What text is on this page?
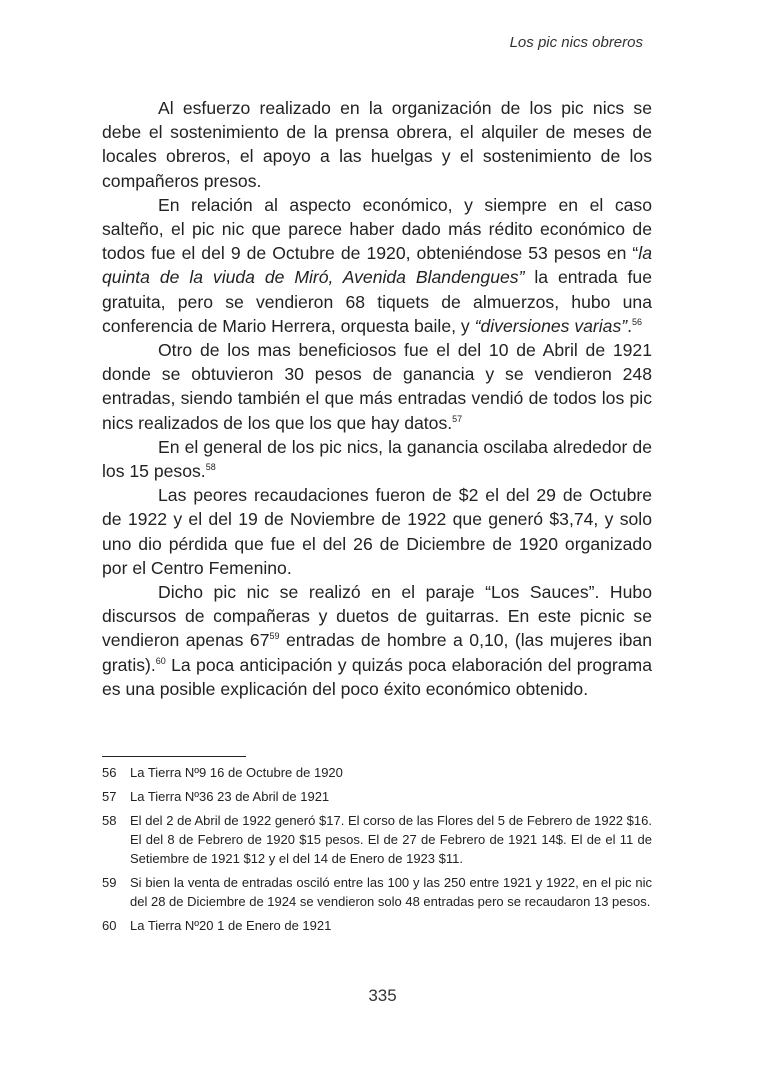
Los pic nics obreros

Al esfuerzo realizado en la organización de los pic nics se debe el sostenimiento de la prensa obrera, el alquiler de meses de locales obreros, el apoyo a las huelgas y el sostenimiento de los compañeros presos.

En relación al aspecto económico, y siempre en el caso salteño, el pic nic que parece haber dado más rédito económico de todos fue el del 9 de Octubre de 1920, obteniéndose 53 pesos en “la quinta de la viuda de Miró, Avenida Blandengues” la entrada fue gratuita, pero se vendieron 68 tiquets de almuerzos, hubo una conferencia de Mario Herrera, orquesta baile, y “diversiones varias”.$^{56}$

Otro de los mas beneficiosos fue el del 10 de Abril de 1921 donde se obtuvieron 30 pesos de ganancia y se vendieron 248 entradas, siendo también el que más entradas vendió de todos los pic nics realizados de los que los que hay datos.$^{57}$

En el general de los pic nics, la ganancia oscilaba alrededor de los 15 pesos.$^{58}$

Las peores recaudaciones fueron de $2 el del 29 de Octubre de 1922 y el del 19 de Noviembre de 1922 que generó $3,74, y solo uno dio pérdida que fue el del 26 de Diciembre de 1920 organizado por el Centro Femenino.

Dicho pic nic se realizó en el paraje “Los Sauces”. Hubo discursos de compañeras y duetos de guitarras. En este picnic se vendieron apenas $67^{59}$ entradas de hombre a 0,10, (las mujeres iban gratis).$^{60}$ La poca anticipación y quizás poca elaboración del programa es una posible explicación del poco éxito económico obtenido.

56	La Tierra Nº9 16 de Octubre de 1920
57	La Tierra Nº36 23 de Abril de 1921
58	El del 2 de Abril de 1922 generó $17. El corso de las Flores del 5 de Febrero de 1922 $16. El del 8 de Febrero de 1920 $15 pesos. El de 27 de Febrero de 1921 14$. El de el 11 de Setiembre de 1921 $12 y el del 14 de Enero de 1923 $11.
59	Si bien la venta de entradas osciló entre las 100 y las 250 entre 1921 y 1922, en el pic nic del 28 de Diciembre de 1924 se vendieron solo 48 entradas pero se recaudaron 13 pesos.
60	La Tierra Nº20 1 de Enero de 1921
335
